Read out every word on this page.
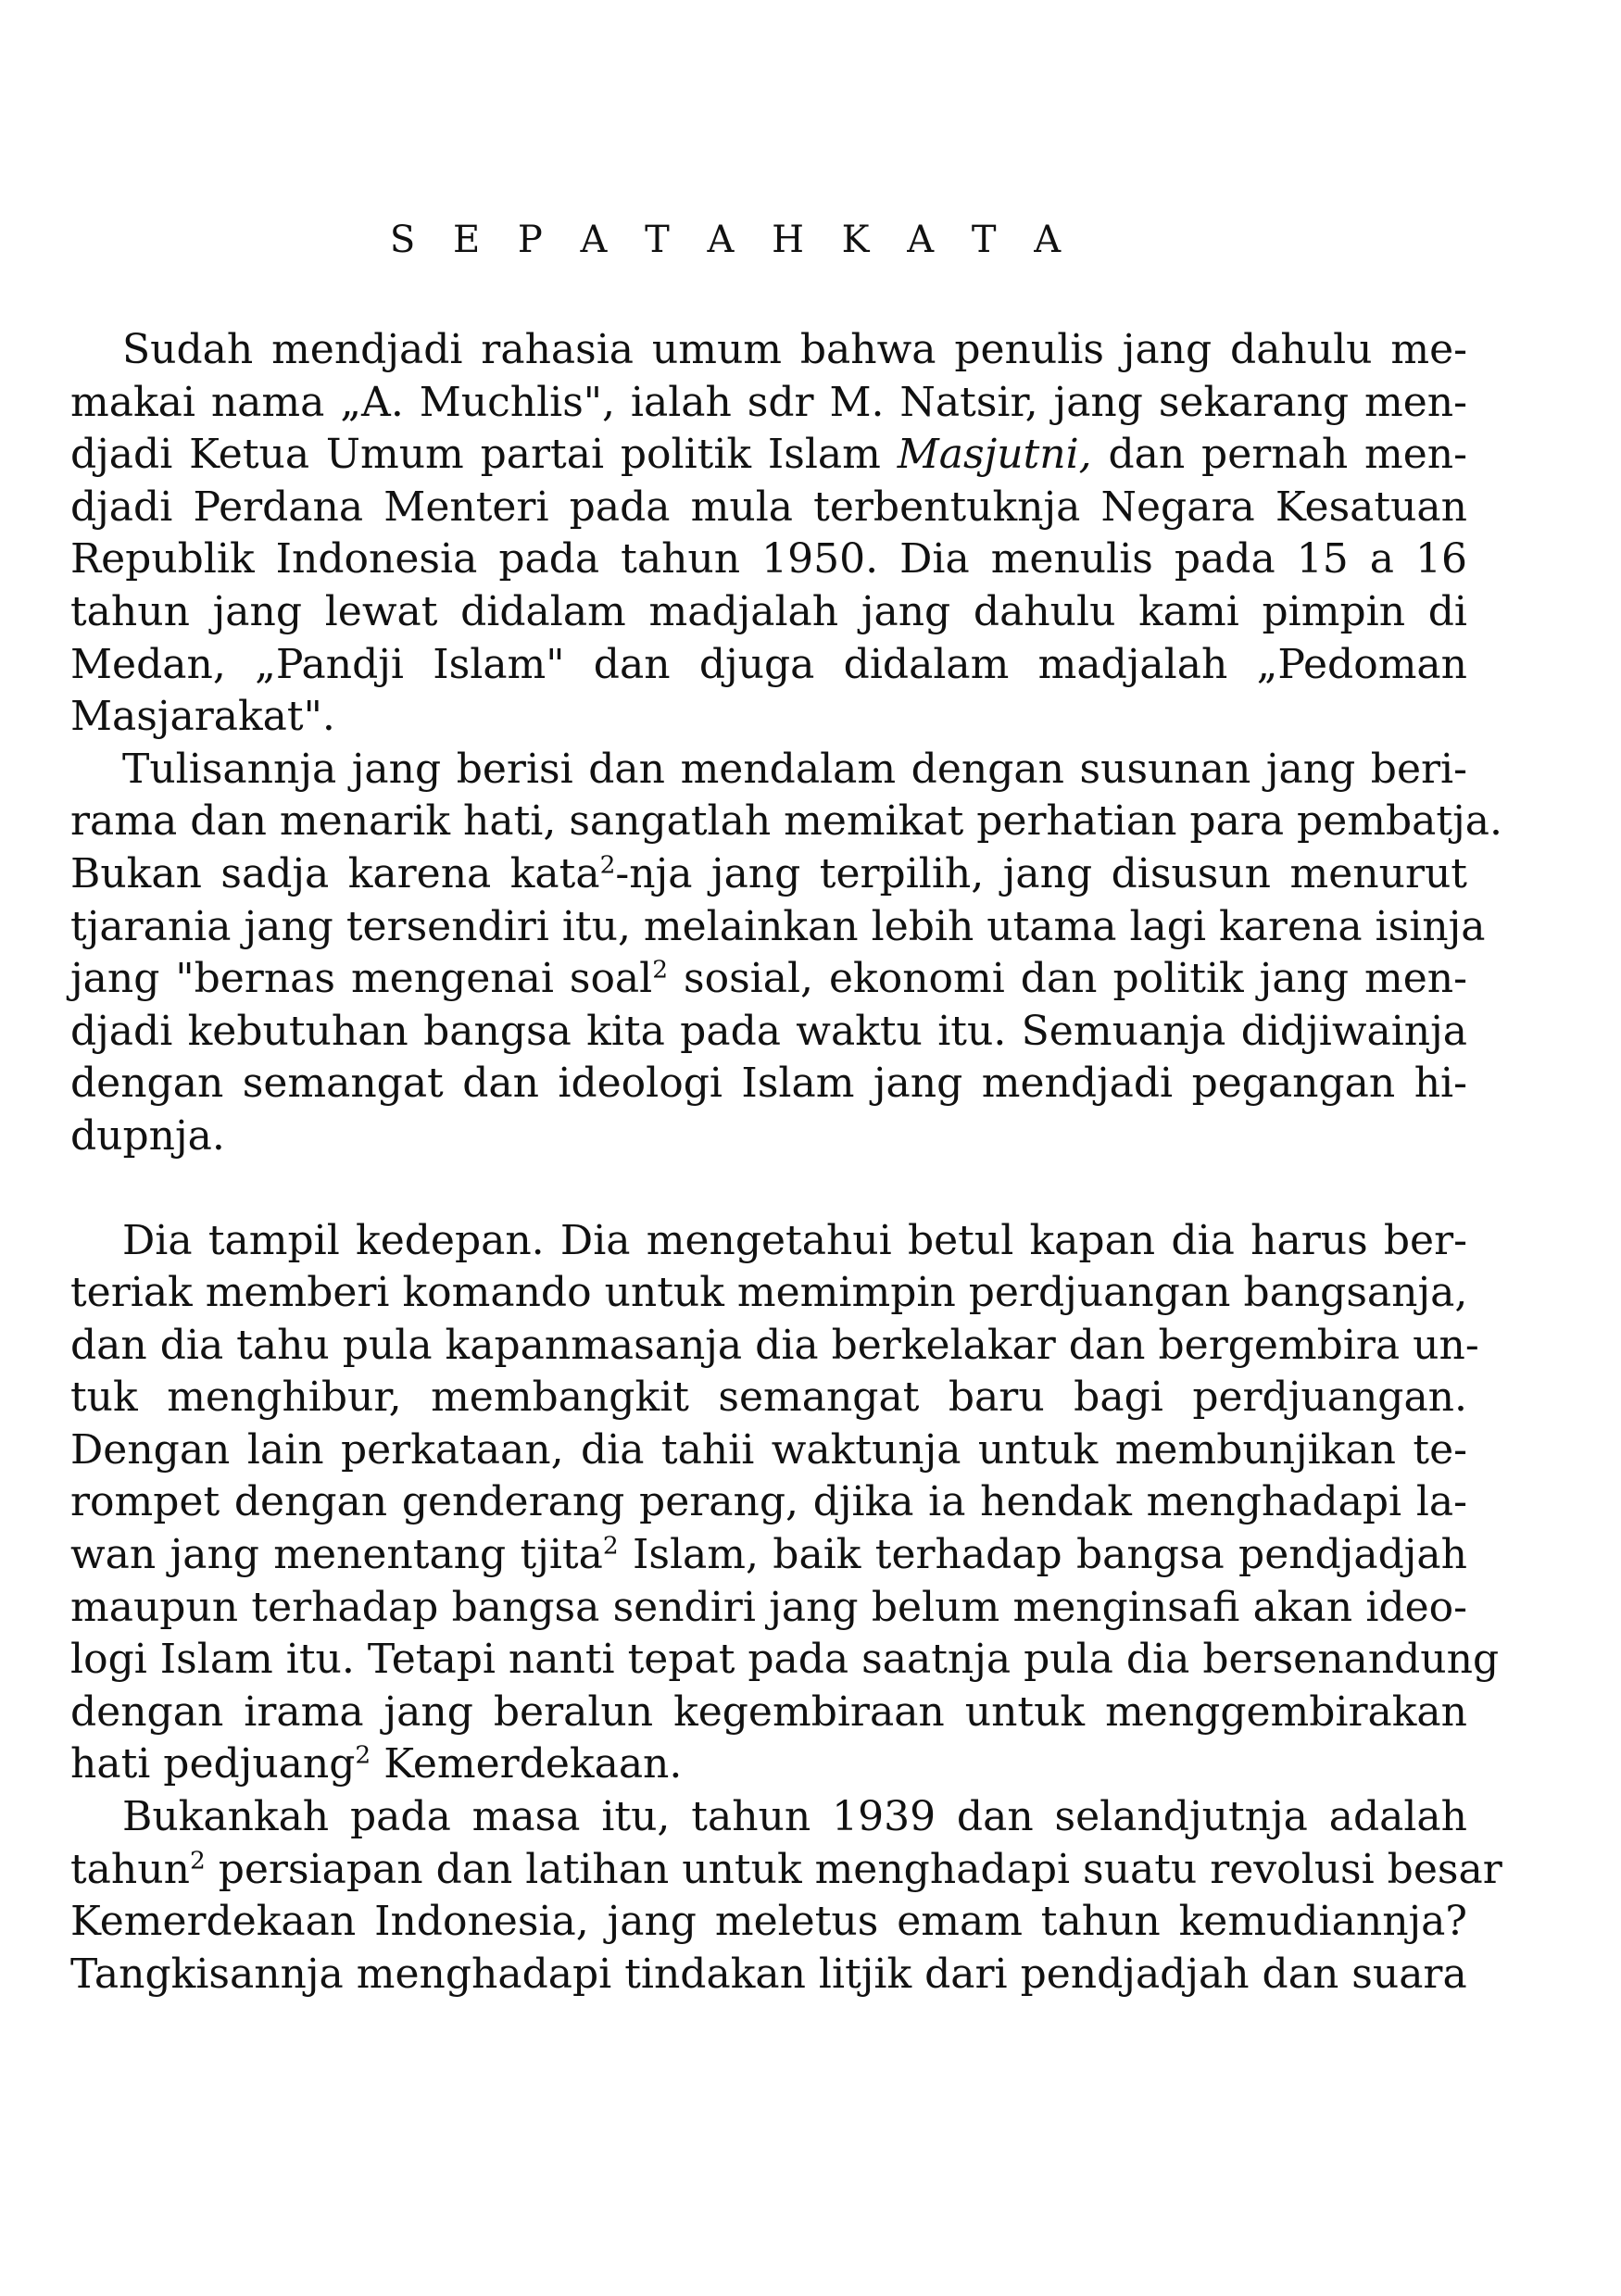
S E P A T A H K A T A
Sudah mendjadi rahasia umum bahwa penulis jang dahulu me-
makai nama „A. Muchlis", ialah sdr M. Natsir, jang sekarang men-
djadi Ketua Umum partai politik Islam Masjutni, dan pernah men-
djadi Perdana Menteri pada mula terbentuknja Negara Kesatuan
Republik Indonesia pada tahun 1950. Dia menulis pada 15 a 16
tahun jang lewat didalam madjalah jang dahulu kami pimpin di
Medan, „Pandji Islam" dan djuga didalam madjalah „Pedoman
Masjarakat".
Tulisannja jang berisi dan mendalam dengan susunan jang beri-
rama dan menarik hati, sangatlah memikat perhatian para pembatja.
Bukan sadja karena kata$^2$-nja jang terpilih, jang disusun menurut
tjarania jang tersendiri itu, melainkan lebih utama lagi karena isinja
jang "bernas mengenai soal$^2$ sosial, ekonomi dan politik jang men-
djadi kebutuhan bangsa kita pada waktu itu. Semuanja didjiwainja
dengan semangat dan ideologi Islam jang mendjadi pegangan hi-
dupnja.
Dia tampil kedepan. Dia mengetahui betul kapan dia harus ber-
teriak memberi komando untuk memimpin perdjuangan bangsanja,
dan dia tahu pula kapanmasanja dia berkelakar dan bergembira un-
tuk menghibur, membangkit semangat baru bagi perdjuangan.
Dengan lain perkataan, dia tahii waktunja untuk membunjikan te-
rompet dengan genderang perang, djika ia hendak menghadapi la-
wan jang menentang tjita$^2$ Islam, baik terhadap bangsa pendjadjah
maupun terhadap bangsa sendiri jang belum menginsafi akan ideo-
logi Islam itu. Tetapi nanti tepat pada saatnja pula dia bersenandung
dengan irama jang beralun kegembiraan untuk menggembirakan
hati pedjuang$^2$ Kemerdekaan.
Bukankah pada masa itu, tahun 1939 dan selandjutnja adalah
tahun$^2$ persiapan dan latihan untuk menghadapi suatu revolusi besar
Kemerdekaan Indonesia, jang meletus emam tahun kemudiannja?
Tangkisannja menghadapi tindakan litjik dari pendjadjah dan suara
